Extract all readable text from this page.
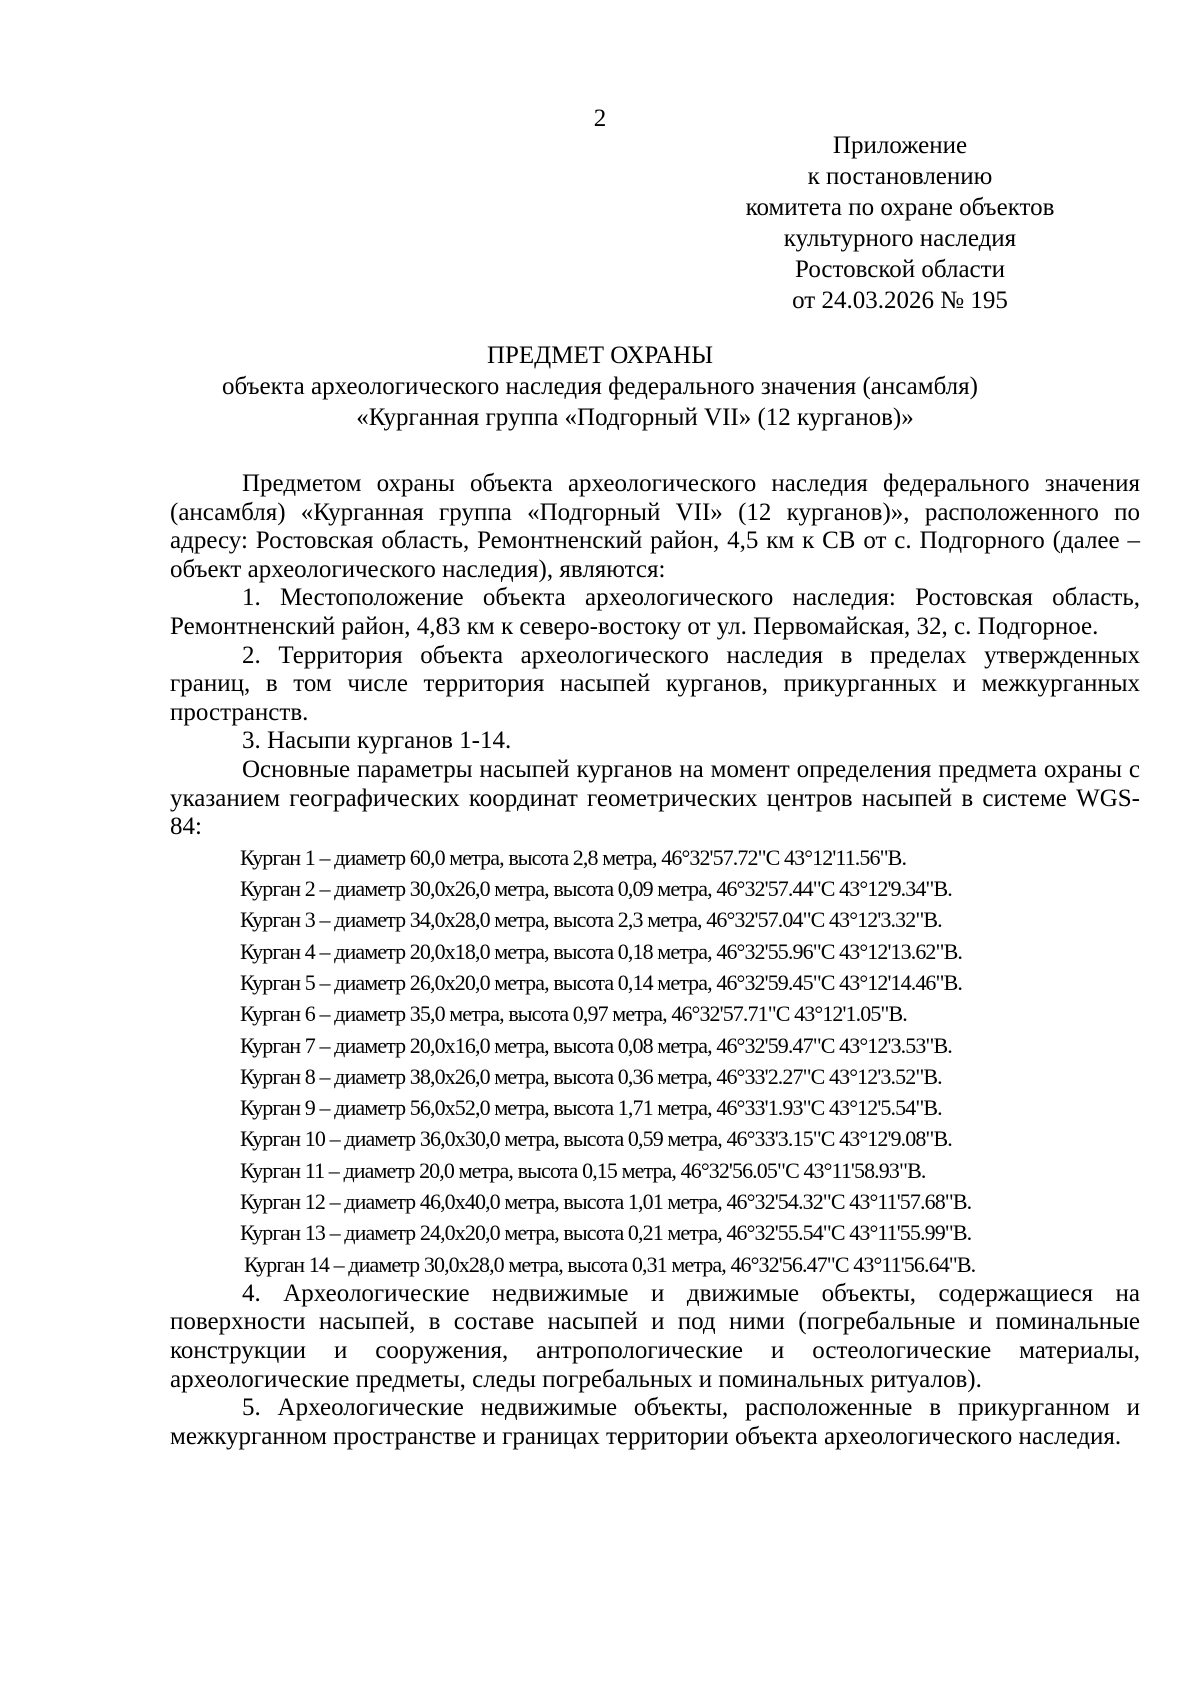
2
Приложение
к постановлению
комитета по охране объектов
культурного наследия
Ростовской области
от 24.03.2026 № 195
ПРЕДМЕТ ОХРАНЫ
объекта археологического наследия федерального значения (ансамбля)
«Курганная группа «Подгорный VII» (12 курганов)»

Предметом охраны объекта археологического наследия федерального значения (ансамбля) «Курганная группа «Подгорный VII» (12 курганов)», расположенного по адресу: Ростовская область, Ремонтненский район, 4,5 км к СВ от с. Подгорного (далее – объект археологического наследия), являются:

1. Местоположение объекта археологического наследия: Ростовская область, Ремонтненский район, 4,83 км к северо-востоку от ул. Первомайская, 32, с. Подгорное.

2. Территория объекта археологического наследия в пределах утвержденных границ, в том числе территория насыпей курганов, прикурганных и межкурганных пространств.

3. Насыпи курганов 1-14.

Основные параметры насыпей курганов на момент определения предмета охраны с указанием географических координат геометрических центров насыпей в системе WGS-84:

Курган 1 – диаметр 60,0 метра, высота 2,8 метра, 46°32'57.72"С 43°12'11.56"В.
Курган 2 – диаметр 30,0х26,0 метра, высота 0,09 метра, 46°32'57.44"С 43°12'9.34"В.
Курган 3 – диаметр 34,0х28,0 метра, высота 2,3 метра, 46°32'57.04"С 43°12'3.32"В.
Курган 4 – диаметр 20,0х18,0 метра, высота 0,18 метра, 46°32'55.96"С 43°12'13.62"В.
Курган 5 – диаметр 26,0х20,0 метра, высота 0,14 метра, 46°32'59.45"С 43°12'14.46"В.
Курган 6 – диаметр 35,0 метра, высота 0,97 метра, 46°32'57.71"С 43°12'1.05"В.
Курган 7 – диаметр 20,0х16,0 метра, высота 0,08 метра, 46°32'59.47"С 43°12'3.53"В.
Курган 8 – диаметр 38,0х26,0 метра, высота 0,36 метра, 46°33'2.27"С 43°12'3.52"В.
Курган 9 – диаметр 56,0х52,0 метра, высота 1,71 метра, 46°33'1.93"С 43°12'5.54"В.
Курган 10 – диаметр 36,0х30,0 метра, высота 0,59 метра, 46°33'3.15"С 43°12'9.08"В.
Курган 11 – диаметр 20,0 метра, высота 0,15 метра, 46°32'56.05"С 43°11'58.93"В.
Курган 12 – диаметр 46,0х40,0 метра, высота 1,01 метра, 46°32'54.32"С 43°11'57.68"В.
Курган 13 – диаметр 24,0х20,0 метра, высота 0,21 метра, 46°32'55.54"С 43°11'55.99"В.
Курган 14 – диаметр 30,0х28,0 метра, высота 0,31 метра, 46°32'56.47"С 43°11'56.64"В.

4. Археологические недвижимые и движимые объекты, содержащиеся на поверхности насыпей, в составе насыпей и под ними (погребальные и поминальные конструкции и сооружения, антропологические и остеологические материалы, археологические предметы, следы погребальных и поминальных ритуалов).

5. Археологические недвижимые объекты, расположенные в прикурганном и межкурганном пространстве и границах территории объекта археологического наследия.
